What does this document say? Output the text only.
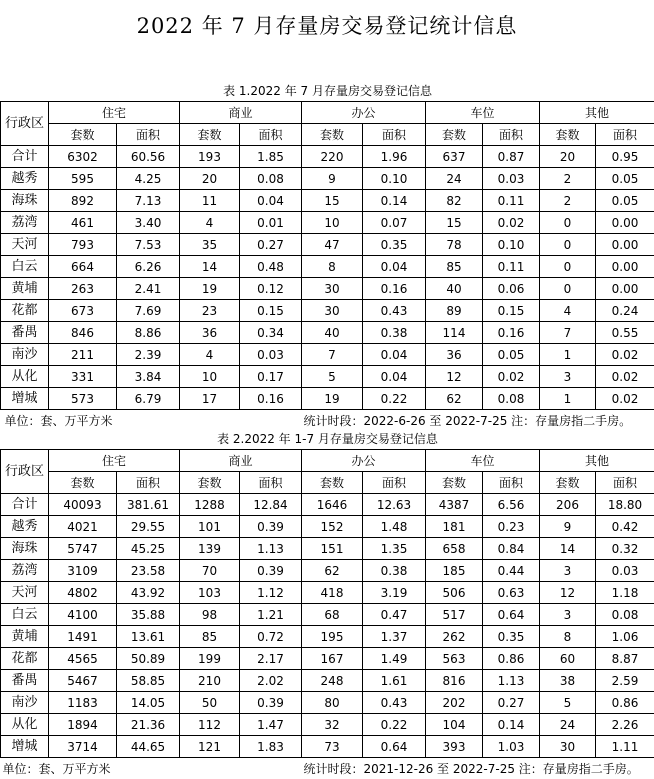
2022 年 7 月存量房交易登记统计信息
表 1.2022 年 7 月存量房交易登记信息										
行政区	住宅		商业		办公		车位		其他	
	套数	面积	套数	面积	套数	面积	套数	面积	套数	面积
合计	6302	60.56	193	1.85	220	1.96	637	0.87	20	0.95
越秀	595	4.25	20	0.08	9	0.10	24	0.03	2	0.05
海珠	892	7.13	11	0.04	15	0.14	82	0.11	2	0.05
荔湾	461	3.40	4	0.01	10	0.07	15	0.02	0	0.00
天河	793	7.53	35	0.27	47	0.35	78	0.10	0	0.00
白云	664	6.26	14	0.48	8	0.04	85	0.11	0	0.00
黄埔	263	2.41	19	0.12	30	0.16	40	0.06	0	0.00
花都	673	7.69	23	0.15	30	0.43	89	0.15	4	0.24
番禺	846	8.86	36	0.34	40	0.38	114	0.16	7	0.55
南沙	211	2.39	4	0.03	7	0.04	36	0.05	1	0.02
从化	331	3.84	10	0.17	5	0.04	12	0.02	3	0.02
增城	573	6.79	17	0.16	19	0.22	62	0.08	1	0.02
单位：套、万平方米					统计时段：2022-6-26 至 2022-7-25 注：存量房指二手房。					
表 2.2022 年 1-7 月存量房交易登记信息										
行政区	住宅		商业		办公		车位		其他	
	套数	面积	套数	面积	套数	面积	套数	面积	套数	面积
合计	40093	381.61	1288	12.84	1646	12.63	4387	6.56	206	18.80
越秀	4021	29.55	101	0.39	152	1.48	181	0.23	9	0.42
海珠	5747	45.25	139	1.13	151	1.35	658	0.84	14	0.32
荔湾	3109	23.58	70	0.39	62	0.38	185	0.44	3	0.03
天河	4802	43.92	103	1.12	418	3.19	506	0.63	12	1.18
白云	4100	35.88	98	1.21	68	0.47	517	0.64	3	0.08
黄埔	1491	13.61	85	0.72	195	1.37	262	0.35	8	1.06
花都	4565	50.89	199	2.17	167	1.49	563	0.86	60	8.87
番禺	5467	58.85	210	2.02	248	1.61	816	1.13	38	2.59
南沙	1183	14.05	50	0.39	80	0.43	202	0.27	5	0.86
从化	1894	21.36	112	1.47	32	0.22	104	0.14	24	2.26
增城	3714	44.65	121	1.83	73	0.64	393	1.03	30	1.11
单位：套、万平方米					统计时段：2021-12-26 至 2022-7-25 注：存量房指二手房。					
